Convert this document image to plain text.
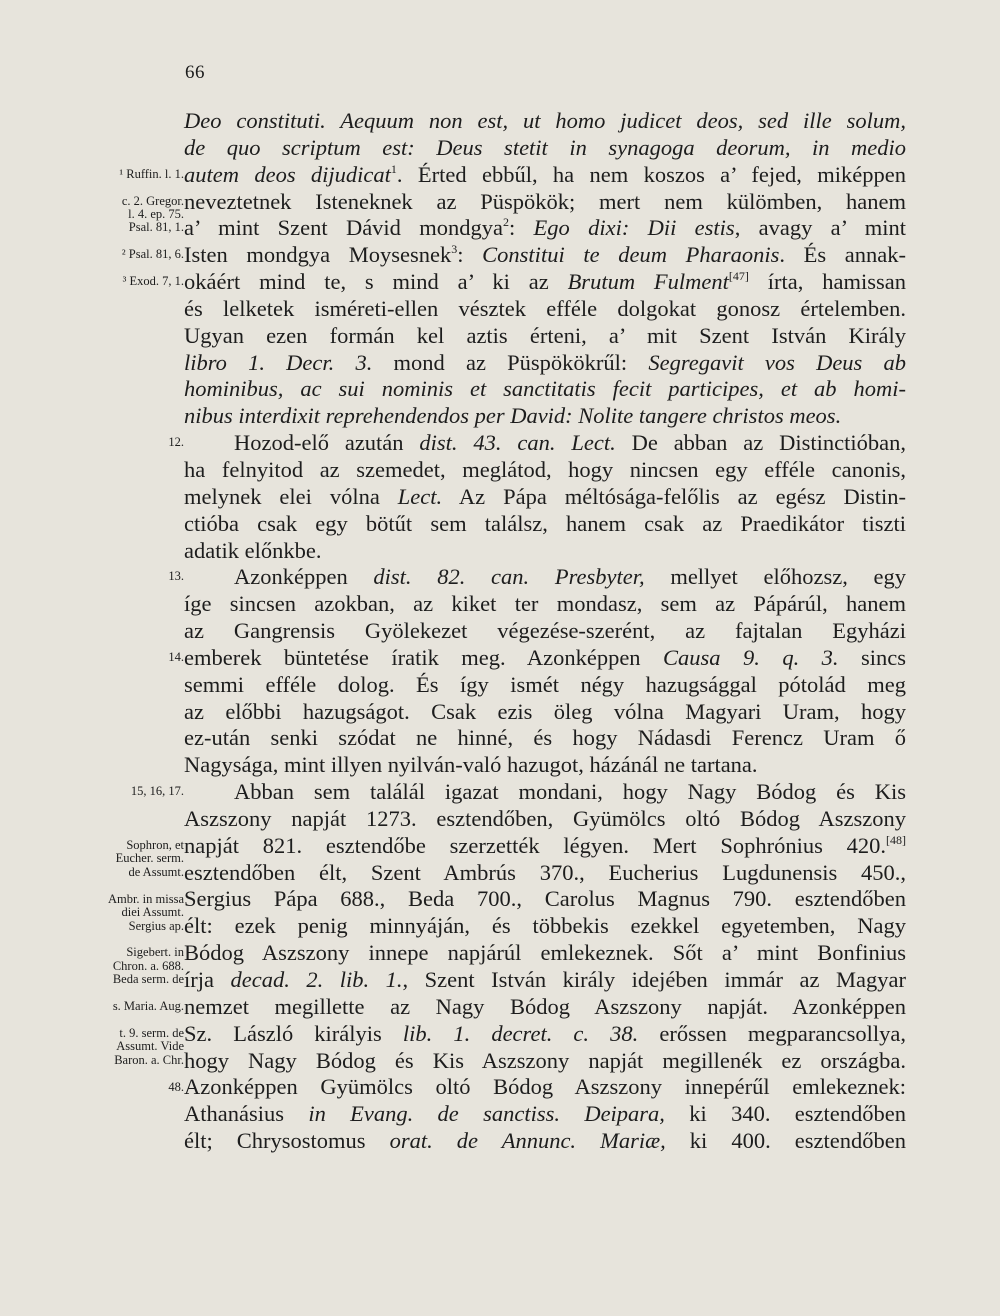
66
¹ Ruffin. l. 1.
c. 2. Gregor.
l. 4. ep. 75.
Psal. 81, 1.
² Psal. 81, 6.
³ Exod. 7, 1.
12.
13.
14.
15, 16, 17.
Sophron, et
Eucher. serm.
de Assumt.
Ambr. in missa
diei Assumt.
Sergius ap.
Sigebert. in
Chron. a. 688.
Beda serm. de
s. Maria. Aug.
t. 9. serm. de
Assumt. Vide
Baron. a. Chr.
48.
Deo constituti. Aequum non est, ut homo judicet deos, sed ille solum,
de quo scriptum est: Deus stetit in synagoga deorum, in medio
autem deos dijudicat$^1$. Érted ebbűl, ha nem koszos a’ fejed, miképpen
neveztetnek Isteneknek az Püspökök; mert nem külömben, hanem
a’ mint Szent Dávid mondgya$^2$: Ego dixi: Dii estis, avagy a’ mint
Isten mondgya Moysesnek$^3$: Constitui te deum Pharaonis. És annak-
okáért mind te, s mind a’ ki az Brutum Fulment[47] írta, hamissan
és lelketek isméreti-ellen vésztek efféle dolgokat gonosz értelemben.
Ugyan ezen formán kel aztis érteni, a’ mit Szent István Király
libro 1. Decr. 3. mond az Püspökökrűl: Segregavit vos Deus ab
hominibus, ac sui nominis et sanctitatis fecit participes, et ab homi-
nibus interdixit reprehendendos per David: Nolite tangere christos meos.
Hozod-elő azután dist. 43. can. Lect. De abban az Distinctióban,
ha felnyitod az szemedet, meglátod, hogy nincsen egy efféle canonis,
melynek elei vólna Lect. Az Pápa méltósága-felőlis az egész Distin-
ctióba csak egy bötűt sem találsz, hanem csak az Praedikátor tiszti
adatik előnkbe.
Azonképpen dist. 82. can. Presbyter, mellyet előhozsz, egy
íge sincsen azokban, az kiket ter mondasz, sem az Pápárúl, hanem
az Gangrensis Gyölekezet végezése-szerént, az fajtalan Egyházi
emberek büntetése íratik meg. Azonképpen Causa 9. q. 3. sincs
semmi efféle dolog. És így ismét négy hazugsággal pótolád meg
az előbbi hazugságot. Csak ezis öleg vólna Magyari Uram, hogy
ez-után senki szódat ne hinné, és hogy Nádasdi Ferencz Uram ő
Nagysága, mint illyen nyilván-való hazugot, házánál ne tartana.
Abban sem találál igazat mondani, hogy Nagy Bódog és Kis
Aszszony napját 1273. esztendőben, Gyümölcs oltó Bódog Aszszony
napját 821. esztendőbe szerzették légyen. Mert Sophrónius 420.[48]
esztendőben élt, Szent Ambrús 370., Eucherius Lugdunensis 450.,
Sergius Pápa 688., Beda 700., Carolus Magnus 790. esztendőben
élt: ezek penig minnyáján, és többekis ezekkel egyetemben, Nagy
Bódog Aszszony innepe napjárúl emlekeznek. Sőt a’ mint Bonfinius
írja decad. 2. lib. 1., Szent István király idejében immár az Magyar
nemzet megillette az Nagy Bódog Aszszony napját. Azonképpen
Sz. László királyis lib. 1. decret. c. 38. erőssen megparancsollya,
hogy Nagy Bódog és Kis Aszszony napját megillenék ez országba.
Azonképpen Gyümölcs oltó Bódog Aszszony innepérűl emlekeznek:
Athanásius in Evang. de sanctiss. Deipara, ki 340. esztendőben
élt; Chrysostomus orat. de Annunc. Mariæ, ki 400. esztendőben
